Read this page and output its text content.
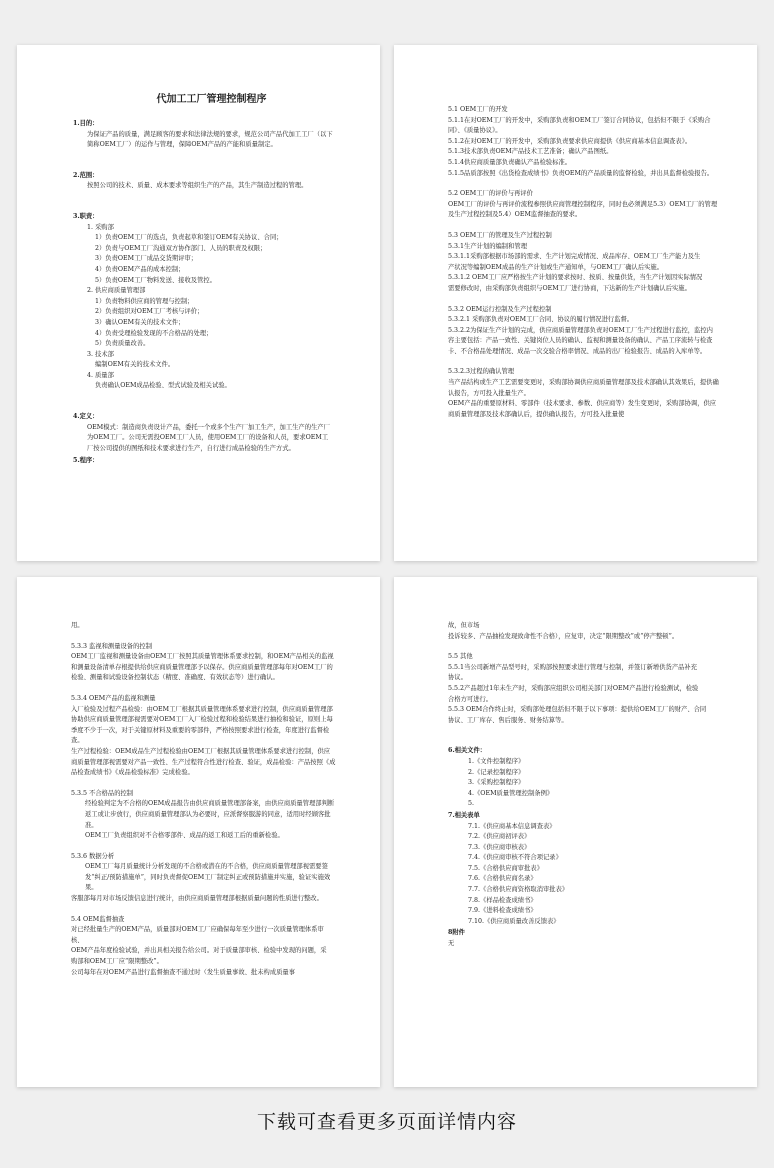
代加工工厂管理控制程序
1.目的：
为保证产品的质量，满足顾客的要求和法律法规的要求，规范公司产品代加工工厂（以下简称OEM工厂）的运作与管理，保障OEM产品的产能和质量制定。
2.范围：
按照公司的技术、质量、成本要求等组织生产的产品，其生产制造过程的管理。
3.职责：
1. 采购部
1）负责OEM工厂的选点，负责起草和签订OEM有关协议、合同；
2）负责与OEM工厂沟通双方协作部门、人员的职责及权限；
3）负责OEM工厂成品交货期评审；
4）负责OEM产品的成本控制；
5）负责OEM工厂物料发送、接收及管控。
2. 供应商质量管理部
1）负责物料供应商的管理与控制；
2）负责组织对OEM工厂考核与评价；
3）确认OEM有关的技术文件；
4）负责受理检验发现的不合格品的处理；
5）负责质量改善。
3. 技术部
编制OEM有关的技术文件。
4. 质量部
负责确认OEM成品检验、型式试验及相关试验。
4.定义：
OEM模式：制造商负责设计产品，委托一个或多个生产厂加工生产，加工生产的生产厂为OEM工厂。公司无需投OEM工厂人员，使用OEM工厂的设备和人员，要求OEM工厂按公司提供的图纸和技术要求进行生产，自行进行成品检验的生产方式。
5.程序：
5.1 OEM工厂的开发
5.1.1在对OEM工厂的开发中，采购部负责和OEM工厂签订合同协议，包括但不限于《采购合同》、《质量协议》。
5.1.2在对OEM工厂的开发中，采购部负责要求供应商提供《供应商基本信息调查表》。
5.1.3技术部负责OEM产品技术工艺准备；确认产品图纸。
5.1.4供应商质量部负责确认产品检验标准。
5.1.5品质部按照《出货检查成绩书》负责OEM的产品质量的监督检验，并出具监督检验报告。
5.2 OEM工厂的评价与再评价
OEM工厂的评价与再评价流程参照供应商管理控制程序，同时也必须满足5.3）OEM工厂的管理及生产过程控制及5.4）OEM监督抽查的要求。
5.3 OEM工厂的管理及生产过程控制
5.3.1生产计划的编制和管理
5.3.1.1采购部根据市场部的需求、生产计划完成情况、成品库存、OEM工厂生产能力及生
产状况等编制OEM成品的生产计划或生产通知单，与OEM工厂确认后实施。
5.3.1.2 OEM工厂应严格按生产计划的要求按时、按质、按量供货，当生产计划因实际情况
需要修改时，由采购部负责组织与OEM工厂进行协商，下达新的生产计划确认后实施。
5.3.2 OEM运行控制及生产过程控制
5.3.2.1 采购部负责对OEM工厂合同、协议的履行情况进行监督。
5.3.2.2为保证生产计划的完成，供应商质量管理部负责对OEM工厂生产过程进行监控，监控内容主要包括：产品一致性、关键岗位人员的确认、监视和测量设备的确认、产品工序流转与检查卡、不合格品处理情况、成品一次交验合格率情况、成品的出厂检验报告、成品的入库单等。
5.3.2.3过程的确认管理
当产品结构或生产工艺需要变更时，采购部协调供应商质量管理部及技术部确认其效果后，提供确认报告，方可投入批量生产。
OEM产品的重要原材料、零部件（技术要求、参数、供应商等）发生变更时，采购部协调，供应商质量管理部及技术部确认后，提供确认报告，方可投入批量使
用。
5.3.3 监视和测量设备的控制
OEM工厂监视和测量设备由OEM工厂按照其质量管理体系要求控制，和OEM产品相关的监视和测量设备清单存根提供给供应商质量管理部予以保存。供应商质量管理部每年对OEM工厂的检验、测量和试验设备控制状态（精度、准确度、有效状态等）进行确认。
5.3.4 OEM产品的监视和测量
入厂检验及过程产品检验：由OEM工厂根据其质量管理体系要求进行控制，供应商质量管理部协助供应商质量管理部视需要对OEM工厂入厂检验过程和检验结果进行抽检和验证，原则上每季度不少于一次，对于关键原材料及重要的零部件，严格按照要求进行检查，年度进行监督检查。
生产过程检验：OEM成品生产过程检验由OEM工厂根据其质量管理体系要求进行控制，供应商质量管理部视需要对产品一致性、生产过程符合性进行检查、验证，成品检验：产品按照《成品检查成绩书》《成品检验标准》完成检验。
5.3.5 不合格品的控制
经检验判定为不合格的OEM成品报告由供应商质量管理部备案，由供应商质量管理部判断返工或让步放行，供应商质量管理部认为必要时，应派督察服游的同意，适用时经顾客批准。
OEM工厂负责组织对不合格零部件、成品的返工和返工后的重新检验。
5.3.6 数据分析
OEM工厂每月质量统计分析发现的不合格或潜在的不合格，供应商质量管理部视需要签发“纠正/预防措施单”，同时负责督促OEM工厂制定纠正或预防措施并实施，验证实施效果。
客服部每月对市场反馈信息进行统计，由供应商质量管理部根据质量问题的性质进行整改。
5.4 OEM监督抽查
对已经批量生产的OEM产品，质量部对OEM工厂应确保每年至少进行一次质量管理体系审核、
OEM产品年度检验试验，并出具相关报告给公司。对于质量部审核、检验中发现的问题，采
购部和OEM工厂应“限期整改”。
公司每年在对OEM产品进行监督抽查不通过时（发生质量事故、批未构成质量事
故，但市场
投诉较多、产品抽检发现致命性不合格），应复审，决定“限期整改”或“停产整顿”。
5.5 其他
5.5.1当公司新增产品型号时，采购部按照要求进行管理与控制，并签订新增供货产品补充
协议。
5.5.2产品超过1年未生产时，采购部应组织公司相关部门对OEM产品进行检验测试，检验
合格方可进行。
5.5.3 OEM合作终止时，采购部处理包括但不限于以下事项：提供给OEM工厂的财产、合同
协议、工厂库存、售后服务、财务结算等。
6.相关文件：
1.《文件控制程序》
2.《记录控制程序》
3.《采购控制程序》
4.《OEM质量管理控制条例》
5.
7.相关表单
7.1.《供应商基本信息调查表》
7.2.《供应商初评表》
7.3.《供应商审核表》
7.4.《供应商审核不符合项记录》
7.5.《合格供应商审批表》
7.6.《合格供应商名录》
7.7.《合格供应商资格取消审批表》
7.8.《样品检查成绩书》
7.9.《进料检查成绩书》
7.10.《供应商质量改善反馈表》
8附件
无
下载可查看更多页面详情内容
